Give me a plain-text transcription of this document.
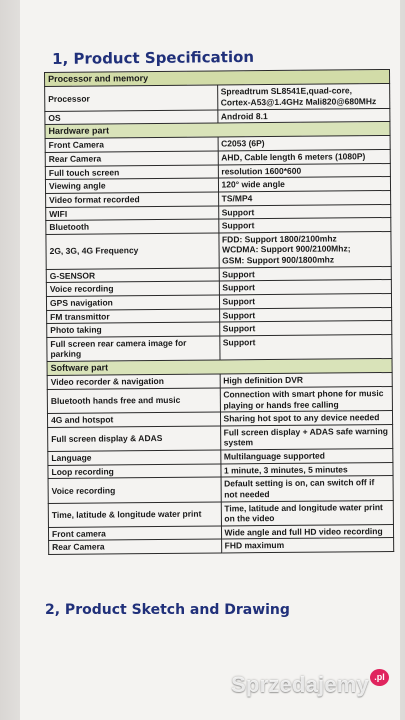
1, Product Specification
Processor and memory	
Processor	Spreadtrum SL8541E,quad-core,
Cortex-A53@1.4GHz Mali820@680MHz

OS	Android 8.1

Hardware part	
Front Camera	C2053 (6P)

Rear Camera	AHD, Cable length 6 meters (1080P)

Full touch screen	resolution 1600*600

Viewing angle	120° wide angle

Video format recorded	TS/MP4

WIFI	Support

Bluetooth	Support

2G, 3G, 4G Frequency	FDD: Support 1800/2100mhz
WCDMA: Support 900/2100Mhz;
GSM: Support 900/1800mhz

G-SENSOR	Support

Voice recording	Support

GPS navigation	Support

FM transmittor	Support

Photo taking	Support

Full screen rear camera image for parking	Support

Software part	
Video recorder & navigation	High definition DVR

Bluetooth hands free and music	Connection with smart phone for music playing or hands free calling

4G and hotspot	Sharing hot spot to any device needed

Full screen display & ADAS	Full screen display + ADAS safe warning system

Language	Multilanguage supported

Loop recording	1 minute, 3 minutes, 5 minutes

Voice recording	Default setting is on, can switch off if not needed

Time, latitude & longitude water print	Time, latitude and longitude water print on the video

Front camera	Wide angle and full HD video recording

Rear Camera	FHD maximum
2, Product Sketch and Drawing
Sprzedajemy .pl
